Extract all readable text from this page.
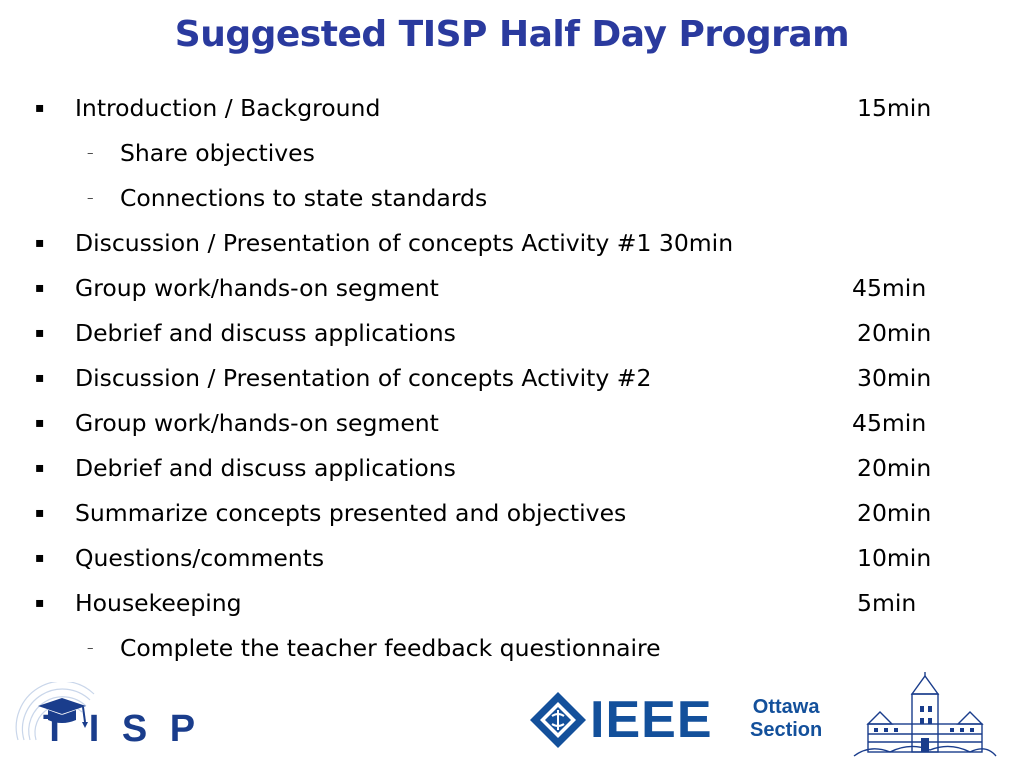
Suggested TISP Half Day Program
▪ Introduction / Background	15min
– Share objectives
– Connections to state standards
▪ Discussion / Presentation of concepts Activity #1 30min
▪ Group work/hands-on segment	45min
▪ Debrief and discuss applications	20min
▪ Discussion / Presentation of concepts Activity #2	30min
▪ Group work/hands-on segment	45min
▪ Debrief and discuss applications	20min
▪ Summarize concepts presented and objectives	20min
▪ Questions/comments	10min
▪ Housekeeping	5min
– Complete the teacher feedback questionnaire
T I S P	IEEE Ottawa
Section
